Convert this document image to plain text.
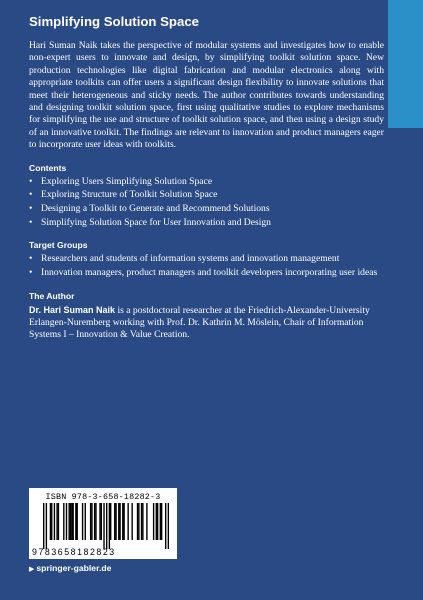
Simplifying Solution Space

Hari Suman Naik takes the perspective of modular systems and investigates how to enable non-expert users to innovate and design, by simplifying toolkit solution space. New production technologies like digital fabrication and modular electronics along with appropriate toolkits can offer users a significant design flexibility to innovate solutions that meet their heterogeneous and sticky needs. The author contributes towards understanding and designing toolkit solution space, first using qualitative studies to explore mechanisms for simplifying the use and structure of toolkit solution space, and then using a design study of an innovative toolkit. The findings are relevant to innovation and product managers eager to incorporate user ideas with toolkits.

Contents
• Exploring Users Simplifying Solution Space
• Exploring Structure of Toolkit Solution Space
• Designing a Toolkit to Generate and Recommend Solutions
• Simplifying Solution Space for User Innovation and Design
Target Groups
• Researchers and students of information systems and innovation management
• Innovation managers, product managers and toolkit developers incorporating user ideas
The Author

Dr. Hari Suman Naik is a postdoctoral researcher at the Friedrich-Alexander-University Erlangen-Nuremberg working with Prof. Dr. Kathrin M. Möslein, Chair of Information Systems I – Innovation & Value Creation.

ISBN 978-3-658-18282-3
9783658182823
▶ springer-gabler.de
